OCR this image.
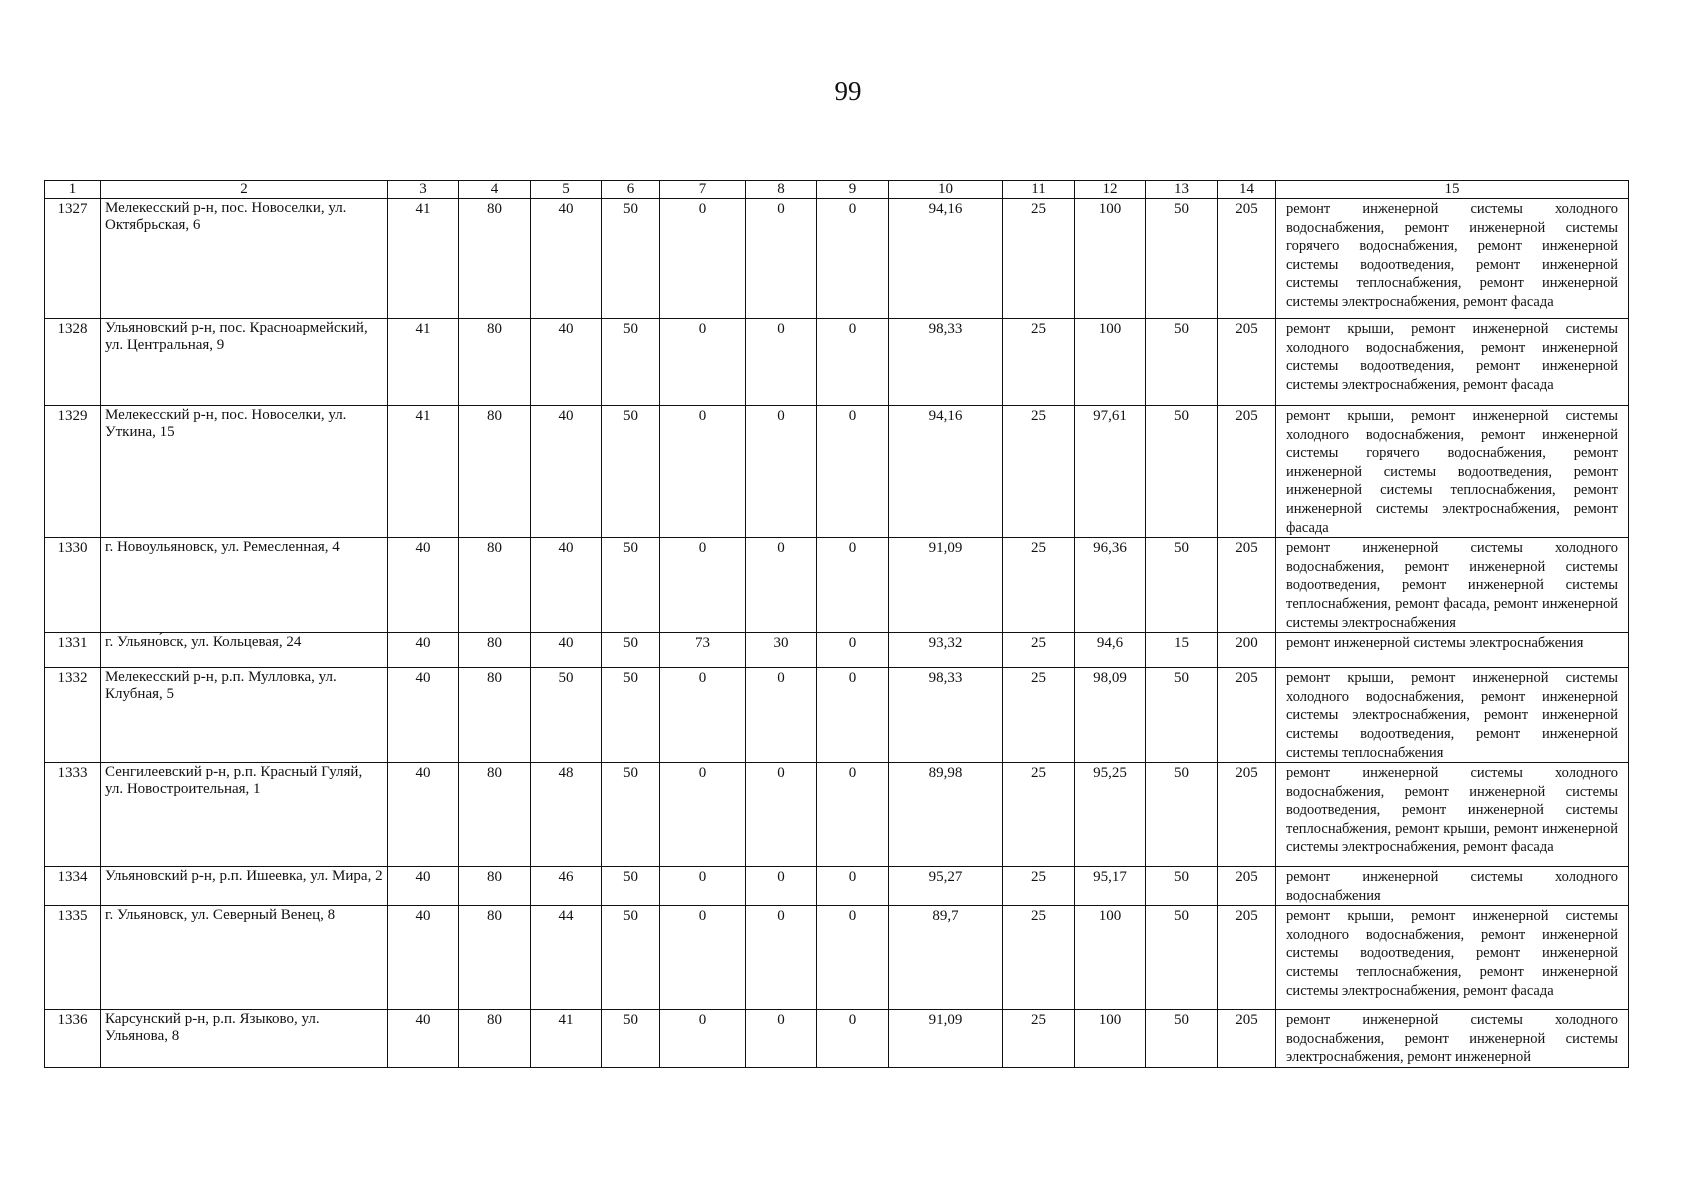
99
1	2	3	4	5	6	7	8	9	10	11	12	13	14	15
1327	Мелекесский р-н, пос. Новоселки, ул. Октябрьская, 6	41	80	40	50	0	0	0	94,16	25	100	50	205	ремонт инженерной системы холодного водоснабжения, ремонт инженерной системы горячего водоснабжения, ремонт инженерной системы водоотведения, ремонт инженерной системы теплоснабжения, ремонт инженерной системы электроснабжения, ремонт фасада
1328	Ульяновский р-н, пос. Красноармейский, ул. Центральная, 9	41	80	40	50	0	0	0	98,33	25	100	50	205	ремонт крыши, ремонт инженерной системы холодного водоснабжения, ремонт инженерной системы водоотведения, ремонт инженерной системы электроснабжения, ремонт фасада
1329	Мелекесский р-н, пос. Новоселки, ул. Уткина, 15	41	80	40	50	0	0	0	94,16	25	97,61	50	205	ремонт крыши, ремонт инженерной системы холодного водоснабжения, ремонт инженерной системы горячего водоснабжения, ремонт инженерной системы водоотведения, ремонт инженерной системы теплоснабжения, ремонт инженерной системы электроснабжения, ремонт фасада
1330	г. Новоульяновск, ул. Ремесленная, 4	40	80	40	50	0	0	0	91,09	25	96,36	50	205	ремонт инженерной системы холодного водоснабжения, ремонт инженерной системы водоотведения, ремонт инженерной системы теплоснабжения, ремонт фасада, ремонт инженерной системы электроснабжения
1331	г. Ульяно́вск, ул. Кольцевая, 24	40	80	40	50	73	30	0	93,32	25	94,6	15	200	ремонт инженерной системы электроснабжения
1332	Мелекесский р-н, р.п. Мулловка, ул. Клубная, 5	40	80	50	50	0	0	0	98,33	25	98,09	50	205	ремонт крыши, ремонт инженерной системы холодного водоснабжения, ремонт инженерной системы электроснабжения, ремонт инженерной системы водоотведения, ремонт инженерной системы теплоснабжения
1333	Сенгилеевский р-н, р.п. Красный Гуляй, ул. Новостроительная, 1	40	80	48	50	0	0	0	89,98	25	95,25	50	205	ремонт инженерной системы холодного водоснабжения, ремонт инженерной системы водоотведения, ремонт инженерной системы теплоснабжения, ремонт крыши, ремонт инженерной системы электроснабжения, ремонт фасада
1334	Ульяновский р-н, р.п. Ишеевка, ул. Мира, 2	40	80	46	50	0	0	0	95,27	25	95,17	50	205	ремонт инженерной системы холодного водоснабжения
1335	г. Ульяновск, ул. Северный Венец, 8	40	80	44	50	0	0	0	89,7	25	100	50	205	ремонт крыши, ремонт инженерной системы холодного водоснабжения, ремонт инженерной системы водоотведения, ремонт инженерной системы теплоснабжения, ремонт инженерной системы электроснабжения, ремонт фасада
1336	Карсунский р-н, р.п. Языково, ул. Ульянова, 8	40	80	41	50	0	0	0	91,09	25	100	50	205	ремонт инженерной системы холодного водоснабжения, ремонт инженерной системы электроснабжения, ремонт инженерной
